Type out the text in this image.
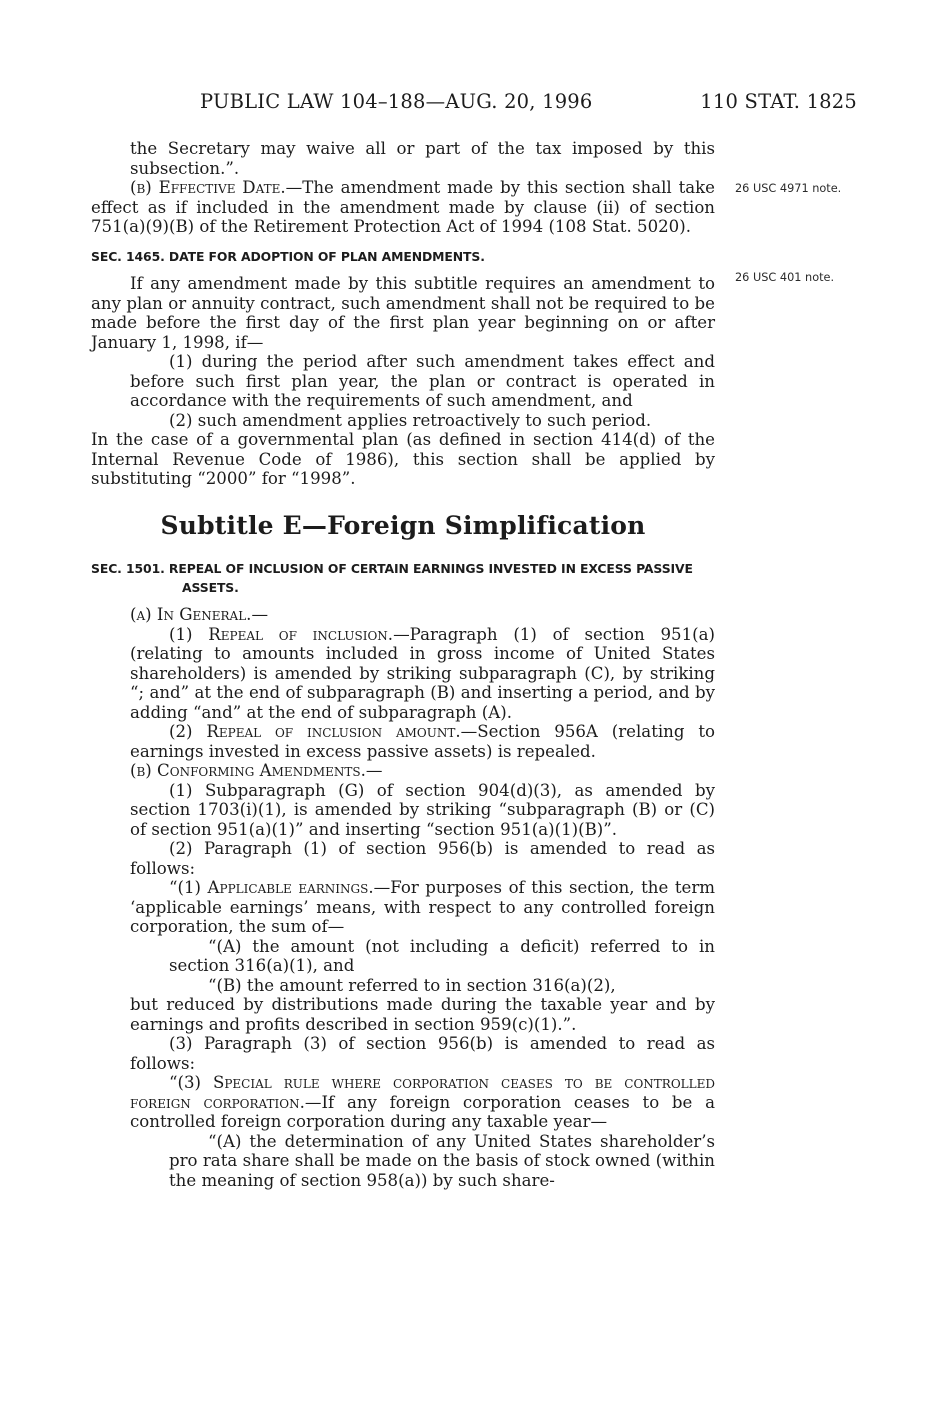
PUBLIC LAW 104–188—AUG. 20, 1996	110 STAT. 1825
26 USC 4971 note.
26 USC 401 note.

the Secretary may waive all or part of the tax imposed by this subsection.”.

(b) Effective Date.—The amendment made by this section shall take effect as if included in the amendment made by clause (ii) of section 751(a)(9)(B) of the Retirement Protection Act of 1994 (108 Stat. 5020).

SEC. 1465. DATE FOR ADOPTION OF PLAN AMENDMENTS.

If any amendment made by this subtitle requires an amendment to any plan or annuity contract, such amendment shall not be required to be made before the first day of the first plan year beginning on or after January 1, 1998, if—

(1) during the period after such amendment takes effect and before such first plan year, the plan or contract is operated in accordance with the requirements of such amendment, and

(2) such amendment applies retroactively to such period.

In the case of a governmental plan (as defined in section 414(d) of the Internal Revenue Code of 1986), this section shall be applied by substituting “2000” for “1998”.

Subtitle E—Foreign Simplification
SEC. 1501. REPEAL OF INCLUSION OF CERTAIN EARNINGS INVESTED IN EXCESS PASSIVE ASSETS.

(a) In General.—

(1) Repeal of inclusion.—Paragraph (1) of section 951(a) (relating to amounts included in gross income of United States shareholders) is amended by striking subparagraph (C), by striking “; and” at the end of subparagraph (B) and inserting a period, and by adding “and” at the end of subparagraph (A).

(2) Repeal of inclusion amount.—Section 956A (relating to earnings invested in excess passive assets) is repealed.

(b) Conforming Amendments.—

(1) Subparagraph (G) of section 904(d)(3), as amended by section 1703(i)(1), is amended by striking “subparagraph (B) or (C) of section 951(a)(1)” and inserting “section 951(a)(1)(B)”.

(2) Paragraph (1) of section 956(b) is amended to read as follows:

“(1) Applicable earnings.—For purposes of this section, the term ‘applicable earnings’ means, with respect to any controlled foreign corporation, the sum of—

“(A) the amount (not including a deficit) referred to in section 316(a)(1), and

“(B) the amount referred to in section 316(a)(2),

but reduced by distributions made during the taxable year and by earnings and profits described in section 959(c)(1).”.

(3) Paragraph (3) of section 956(b) is amended to read as follows:

“(3) Special rule where corporation ceases to be controlled foreign corporation.—If any foreign corporation ceases to be a controlled foreign corporation during any taxable year—

“(A) the determination of any United States shareholder’s pro rata share shall be made on the basis of stock owned (within the meaning of section 958(a)) by such share-
